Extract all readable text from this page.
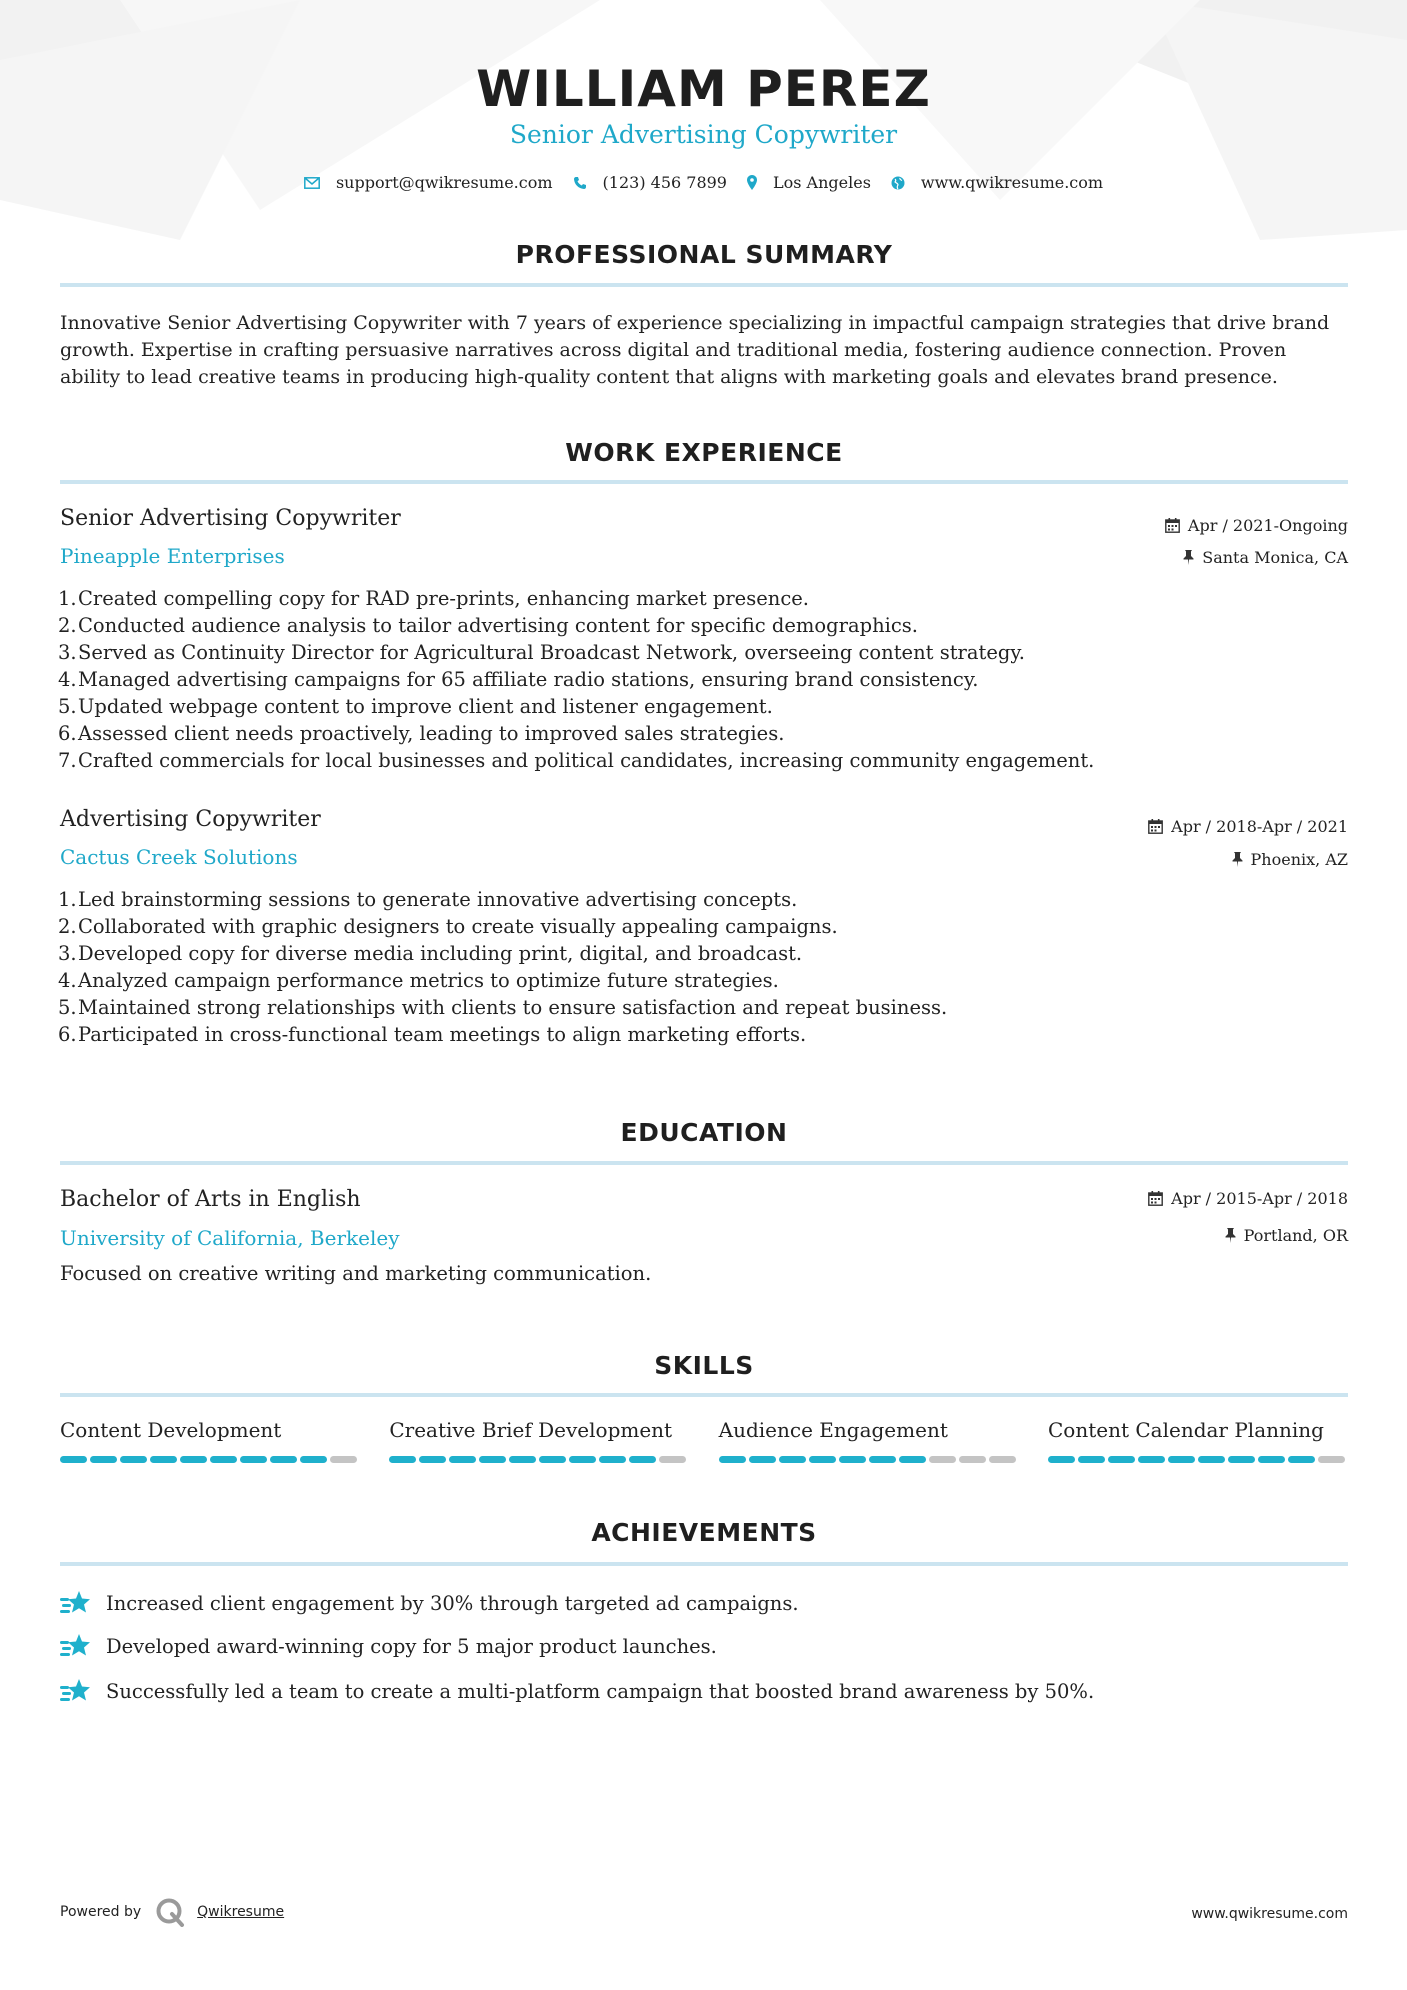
WILLIAM PEREZ
Senior Advertising Copywriter
support@qwikresume.com	(123) 456 7899	Los Angeles	www.qwikresume.com
PROFESSIONAL SUMMARY

Innovative Senior Advertising Copywriter with 7 years of experience specializing in impactful campaign strategies that drive brand growth. Expertise in crafting persuasive narratives across digital and traditional media, fostering audience connection. Proven ability to lead creative teams in producing high-quality content that aligns with marketing goals and elevates brand presence.

WORK EXPERIENCE
Senior Advertising Copywriter
Pineapple Enterprises
Apr / 2021-Ongoing
Santa Monica, CA
1. Created compelling copy for RAD pre-prints, enhancing market presence.
2. Conducted audience analysis to tailor advertising content for specific demographics.
3. Served as Continuity Director for Agricultural Broadcast Network, overseeing content strategy.
4. Managed advertising campaigns for 65 affiliate radio stations, ensuring brand consistency.
5. Updated webpage content to improve client and listener engagement.
6. Assessed client needs proactively, leading to improved sales strategies.
7. Crafted commercials for local businesses and political candidates, increasing community engagement.
Advertising Copywriter
Cactus Creek Solutions
Apr / 2018-Apr / 2021
Phoenix, AZ
1. Led brainstorming sessions to generate innovative advertising concepts.
2. Collaborated with graphic designers to create visually appealing campaigns.
3. Developed copy for diverse media including print, digital, and broadcast.
4. Analyzed campaign performance metrics to optimize future strategies.
5. Maintained strong relationships with clients to ensure satisfaction and repeat business.
6. Participated in cross-functional team meetings to align marketing efforts.
EDUCATION
Bachelor of Arts in English
University of California, Berkeley
Apr / 2015-Apr / 2018
Portland, OR
Focused on creative writing and marketing communication.
SKILLS
Content Development	Creative Brief Development	Audience Engagement	Content Calendar Planning
ACHIEVEMENTS
Increased client engagement by 30% through targeted ad campaigns.
Developed award-winning copy for 5 major product launches.
Successfully led a team to create a multi-platform campaign that boosted brand awareness by 50%.
Powered by	Qwikresume	www.qwikresume.com
